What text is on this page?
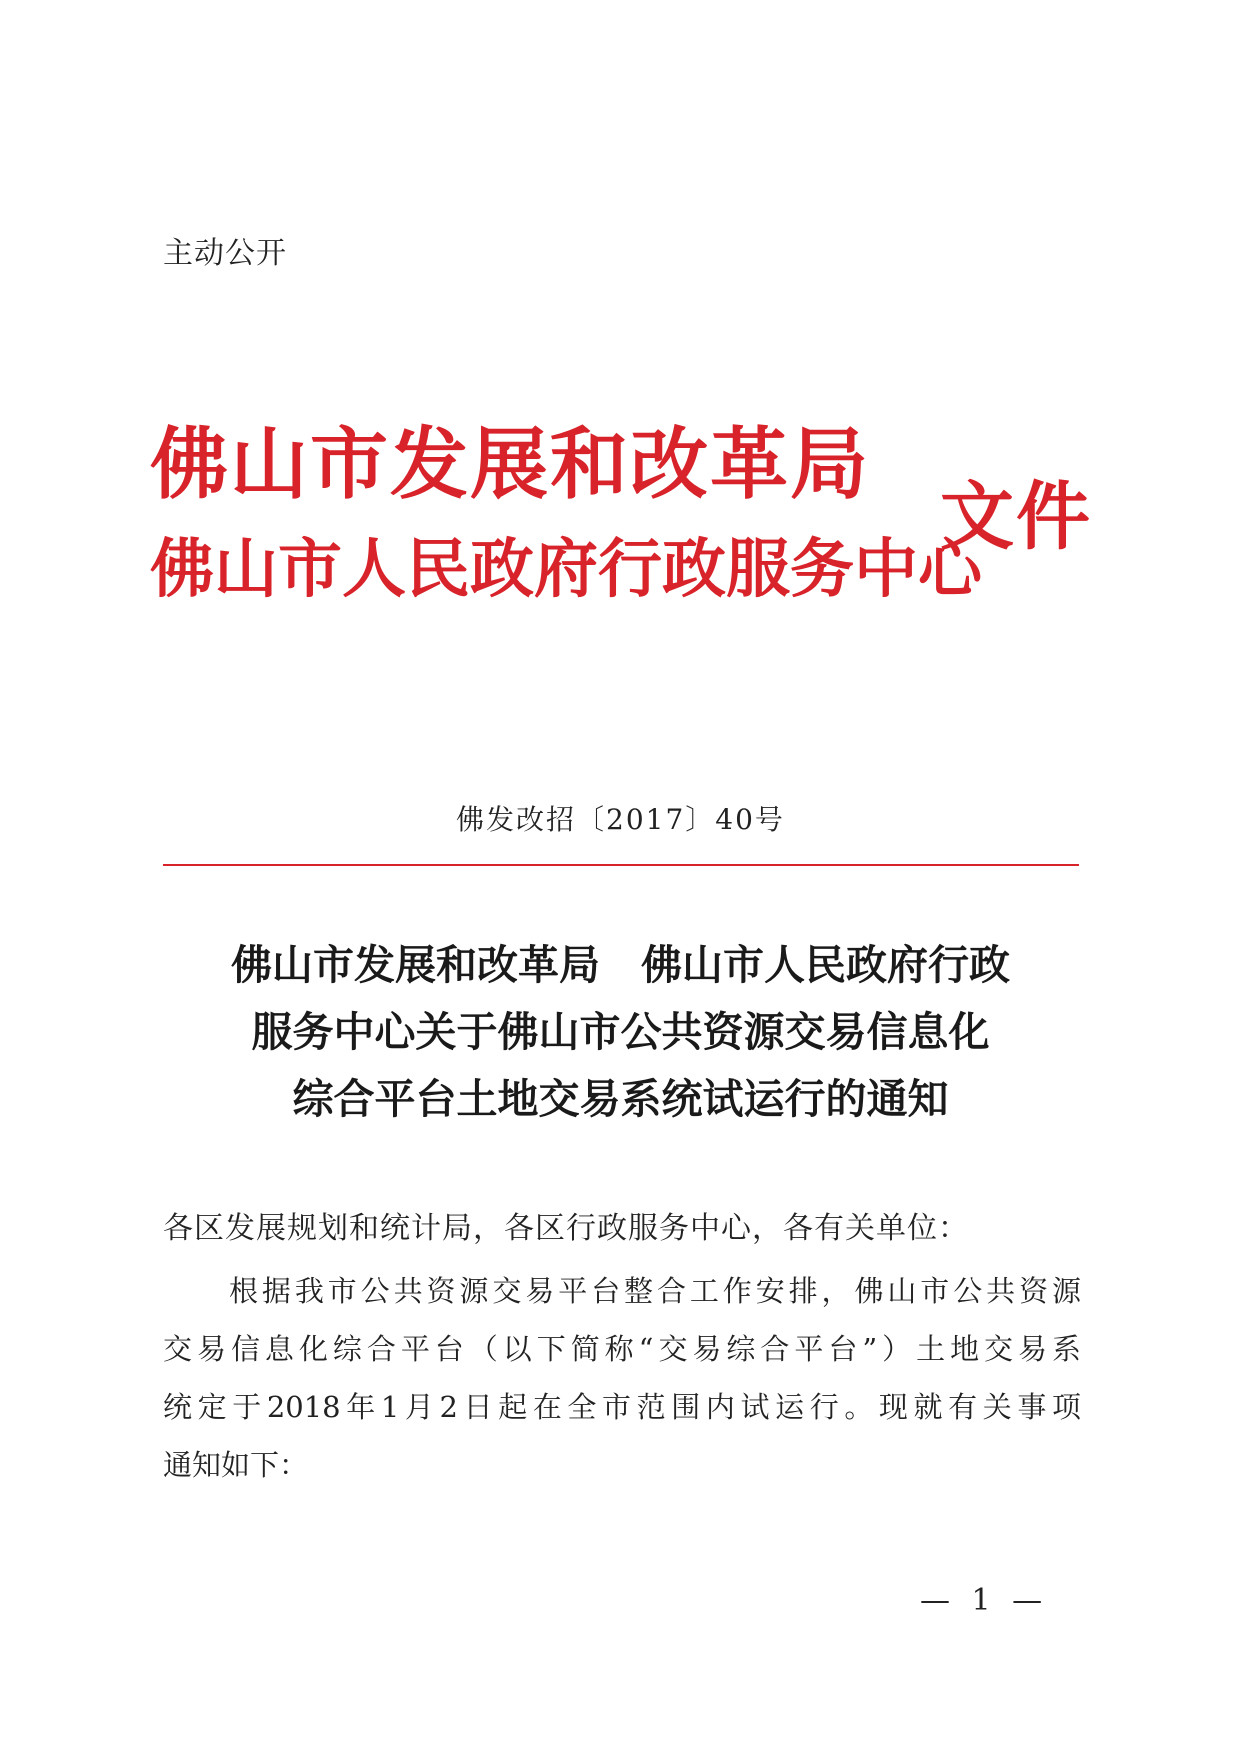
主动公开
佛山市发展和改革局
佛山市人民政府行政服务中心
文件
佛发改招〔2017〕40号
佛山市发展和改革局　佛山市人民政府行政
服务中心关于佛山市公共资源交易信息化
综合平台土地交易系统试运行的通知
各区发展规划和统计局，各区行政服务中心，各有关单位：
根据我市公共资源交易平台整合工作安排，佛山市公共资源
交易信息化综合平台（以下简称“交易综合平台”）土地交易系
统定于2018年1月2日起在全市范围内试运行。现就有关事项
通知如下：
— 1 —
